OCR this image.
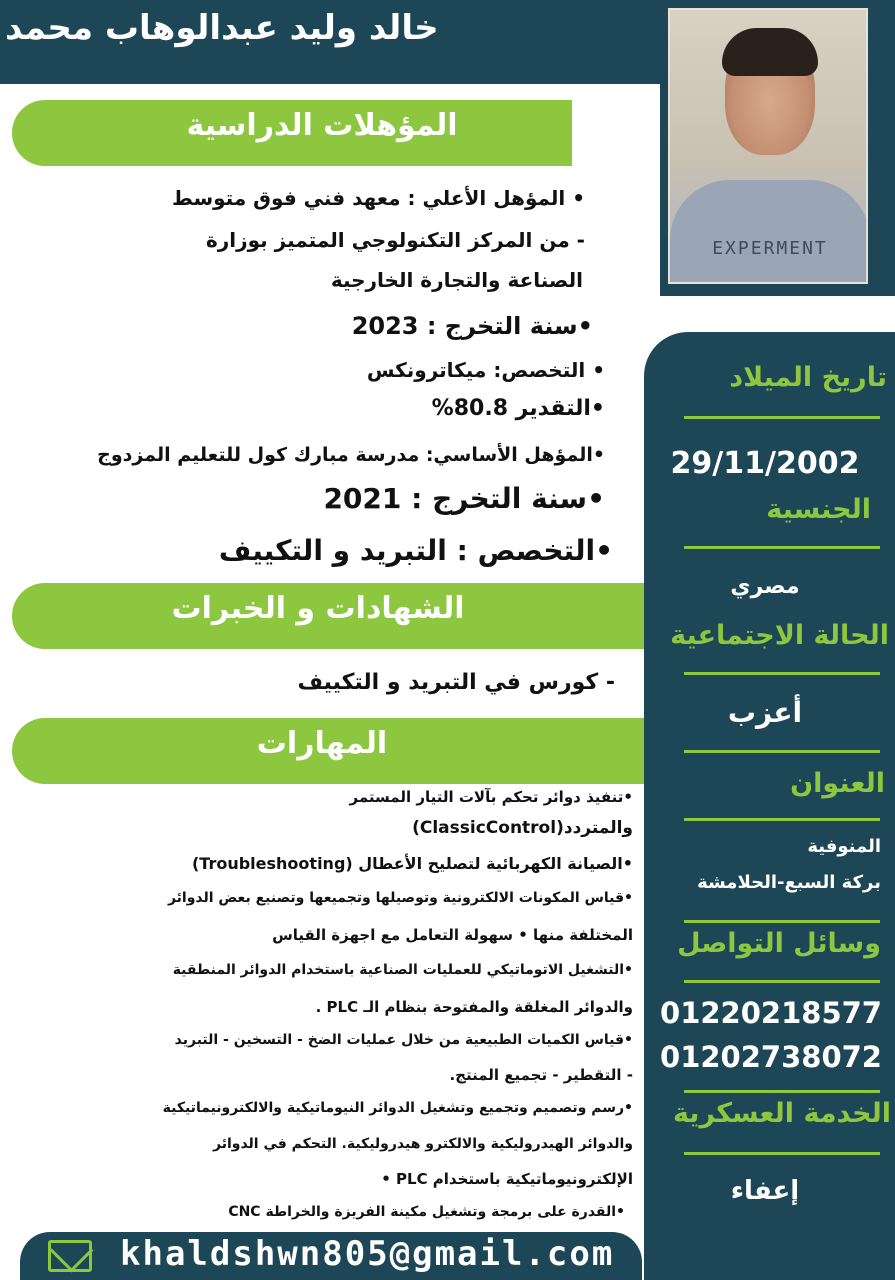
خالد وليد عبدالوهاب محمد
EXPERMENT
المؤهلات الدراسية
• المؤهل الأعلي : معهد فني فوق متوسط
- من المركز التكنولوجي المتميز بوزارة
الصناعة والتجارة الخارجية
•سنة التخرج : 2023
• التخصص: ميكاترونكس
•التقدير 80.8%
•المؤهل الأساسي: مدرسة مبارك كول للتعليم المزدوج
•سنة التخرج : 2021
•التخصص : التبريد و التكييف
الشهادات و الخبرات
- كورس في التبريد و التكييف
المهارات
•تنفيذ دوائر تحكم بآلات التيار المستمر
والمتردد(ClassicControl)
•الصيانة الكهربائية لتصليح الأعطال (Troubleshooting)
•قياس المكونات الالكترونية وتوصيلها وتجميعها وتصنيع بعض الدوائر
المختلفة منها • سهولة التعامل مع اجهزة القياس
•التشغيل الاتوماتيكي للعمليات الصناعية باستخدام الدوائر المنطقية
والدوائر المغلقة والمفتوحة بنظام الـ PLC .
•قياس الكميات الطبيعية من خلال عمليات الضخ - التسخين - التبريد
- التقطير - تجميع المنتج.
•رسم وتصميم وتجميع وتشغيل الدوائر النيوماتيكية والالكترونيماتيكية
والدوائر الهيدروليكية والالكترو هيدروليكية. التحكم في الدوائر
الإلكترونيوماتيكية باستخدام PLC •
•القدرة على برمجة وتشغيل مكينة الفريزة والخراطة CNC
تاريخ الميلاد
29/11/2002
الجنسية
مصري
الحالة الاجتماعية
أعزب
العنوان
المنوفية
بركة السبع-الحلامشة
وسائل التواصل
01220218577
01202738072
الخدمة العسكرية
إعفاء
khaldshwn805@gmail.com
